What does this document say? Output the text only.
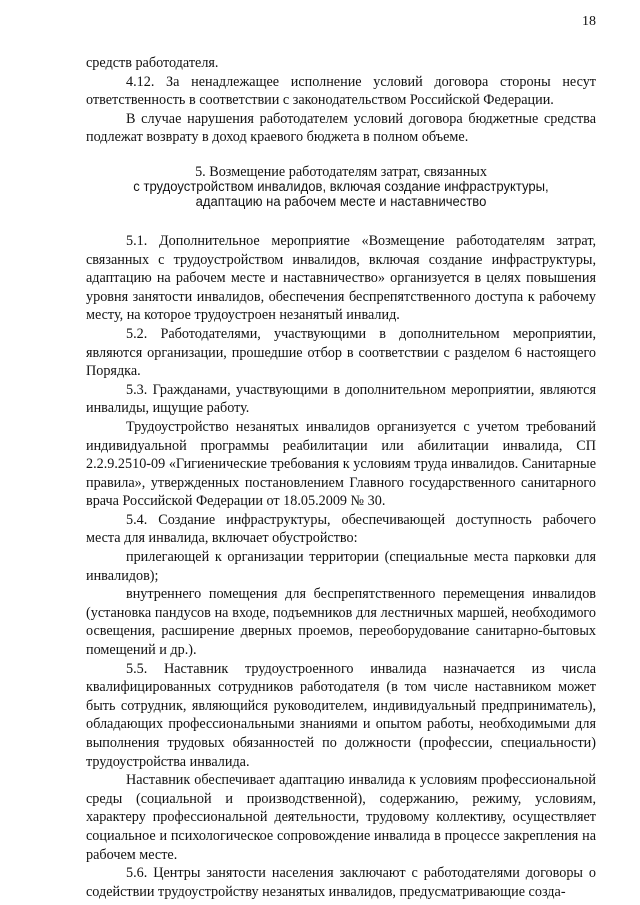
18

средств работодателя.

4.12. За ненадлежащее исполнение условий договора стороны несут ответственность в соответствии с законодательством Российской Федерации.

В случае нарушения работодателем условий договора бюджетные средства подлежат возврату в доход краевого бюджета в полном объеме.

5. Возмещение работодателям затрат, связанных
с трудоустройством инвалидов, включая создание инфраструктуры,
адаптацию на рабочем месте и наставничество

5.1. Дополнительное мероприятие «Возмещение работодателям затрат, связанных с трудоустройством инвалидов, включая создание инфраструктуры, адаптацию на рабочем месте и наставничество» организуется в целях повышения уровня занятости инвалидов, обеспечения беспрепятственного доступа к рабочему месту, на которое трудоустроен незанятый инвалид.

5.2. Работодателями, участвующими в дополнительном мероприятии, являются организации, прошедшие отбор в соответствии с разделом 6 настоящего Порядка.

5.3. Гражданами, участвующими в дополнительном мероприятии, являются инвалиды, ищущие работу.

Трудоустройство незанятых инвалидов организуется с учетом требований индивидуальной программы реабилитации или абилитации инвалида, СП 2.2.9.2510-09 «Гигиенические требования к условиям труда инвалидов. Санитарные правила», утвержденных постановлением Главного государственного санитарного врача Российской Федерации от 18.05.2009 № 30.

5.4. Создание инфраструктуры, обеспечивающей доступность рабочего места для инвалида, включает обустройство:

прилегающей к организации территории (специальные места парковки для инвалидов);

внутреннего помещения для беспрепятственного перемещения инвалидов (установка пандусов на входе, подъемников для лестничных маршей, необходимого освещения, расширение дверных проемов, переоборудование санитарно-бытовых помещений и др.).

5.5. Наставник трудоустроенного инвалида назначается из числа квалифицированных сотрудников работодателя (в том числе наставником может быть сотрудник, являющийся руководителем, индивидуальный предприниматель), обладающих профессиональными знаниями и опытом работы, необходимыми для выполнения трудовых обязанностей по должности (профессии, специальности) трудоустройства инвалида.

Наставник обеспечивает адаптацию инвалида к условиям профессиональной среды (социальной и производственной), содержанию, режиму, условиям, характеру профессиональной деятельности, трудовому коллективу, осуществляет социальное и психологическое сопровождение инвалида в процессе закрепления на рабочем месте.

5.6. Центры занятости населения заключают с работодателями договоры о содействии трудоустройству незанятых инвалидов, предусматривающие созда-
